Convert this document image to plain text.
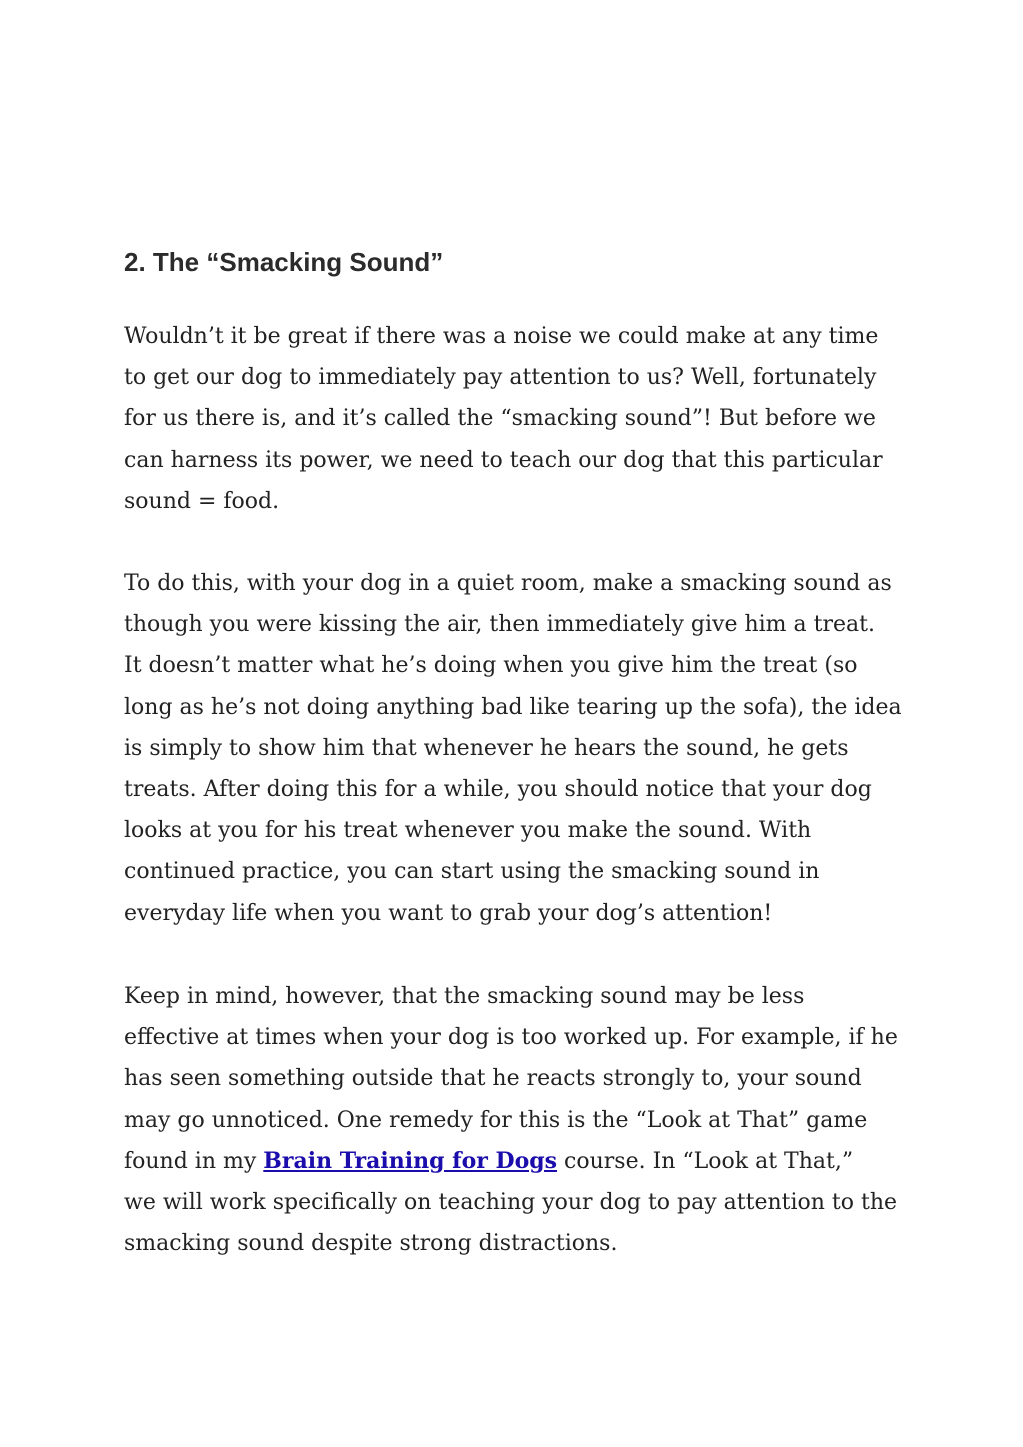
2. The “Smacking Sound”

Wouldn’t it be great if there was a noise we could make at any time
to get our dog to immediately pay attention to us? Well, fortunately
for us there is, and it’s called the “smacking sound”! But before we
can harness its power, we need to teach our dog that this particular
sound = food.

To do this, with your dog in a quiet room, make a smacking sound as
though you were kissing the air, then immediately give him a treat.
It doesn’t matter what he’s doing when you give him the treat (so
long as he’s not doing anything bad like tearing up the sofa), the idea
is simply to show him that whenever he hears the sound, he gets
treats. After doing this for a while, you should notice that your dog
looks at you for his treat whenever you make the sound. With
continued practice, you can start using the smacking sound in
everyday life when you want to grab your dog’s attention!

Keep in mind, however, that the smacking sound may be less
effective at times when your dog is too worked up. For example, if he
has seen something outside that he reacts strongly to, your sound
may go unnoticed. One remedy for this is the “Look at That” game
found in my Brain Training for Dogs course. In “Look at That,”
we will work specifically on teaching your dog to pay attention to the
smacking sound despite strong distractions.
